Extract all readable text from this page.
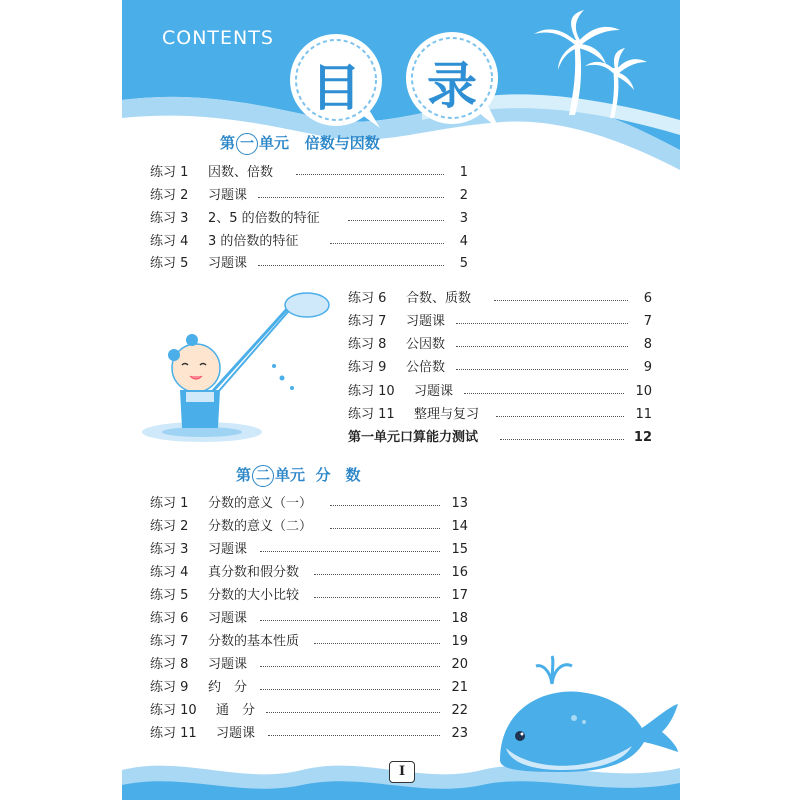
CONTENTS
目	录
第 一 单元 倍数与因数
练习 1 因数、倍数	1
练习 2 习题课	2
练习 3 2、5 的倍数的特征	3
练习 4 3 的倍数的特征	4
练习 5 习题课	5
练习 6 合数、质数	6
练习 7 习题课	7
练习 8 公因数	8
练习 9 公倍数	9
练习 10 习题课	10
练习 11 整理与复习	11
第一单元口算能力测试	12
第 二 单元 分　数
练习 1 分数的意义（一）	13
练习 2 分数的意义（二）	14
练习 3 习题课	15
练习 4 真分数和假分数	16
练习 5 分数的大小比较	17
练习 6 习题课	18
练习 7 分数的基本性质	19
练习 8 习题课	20
练习 9 约　分	21
练习 10 通　分	22
练习 11 习题课	23
I
